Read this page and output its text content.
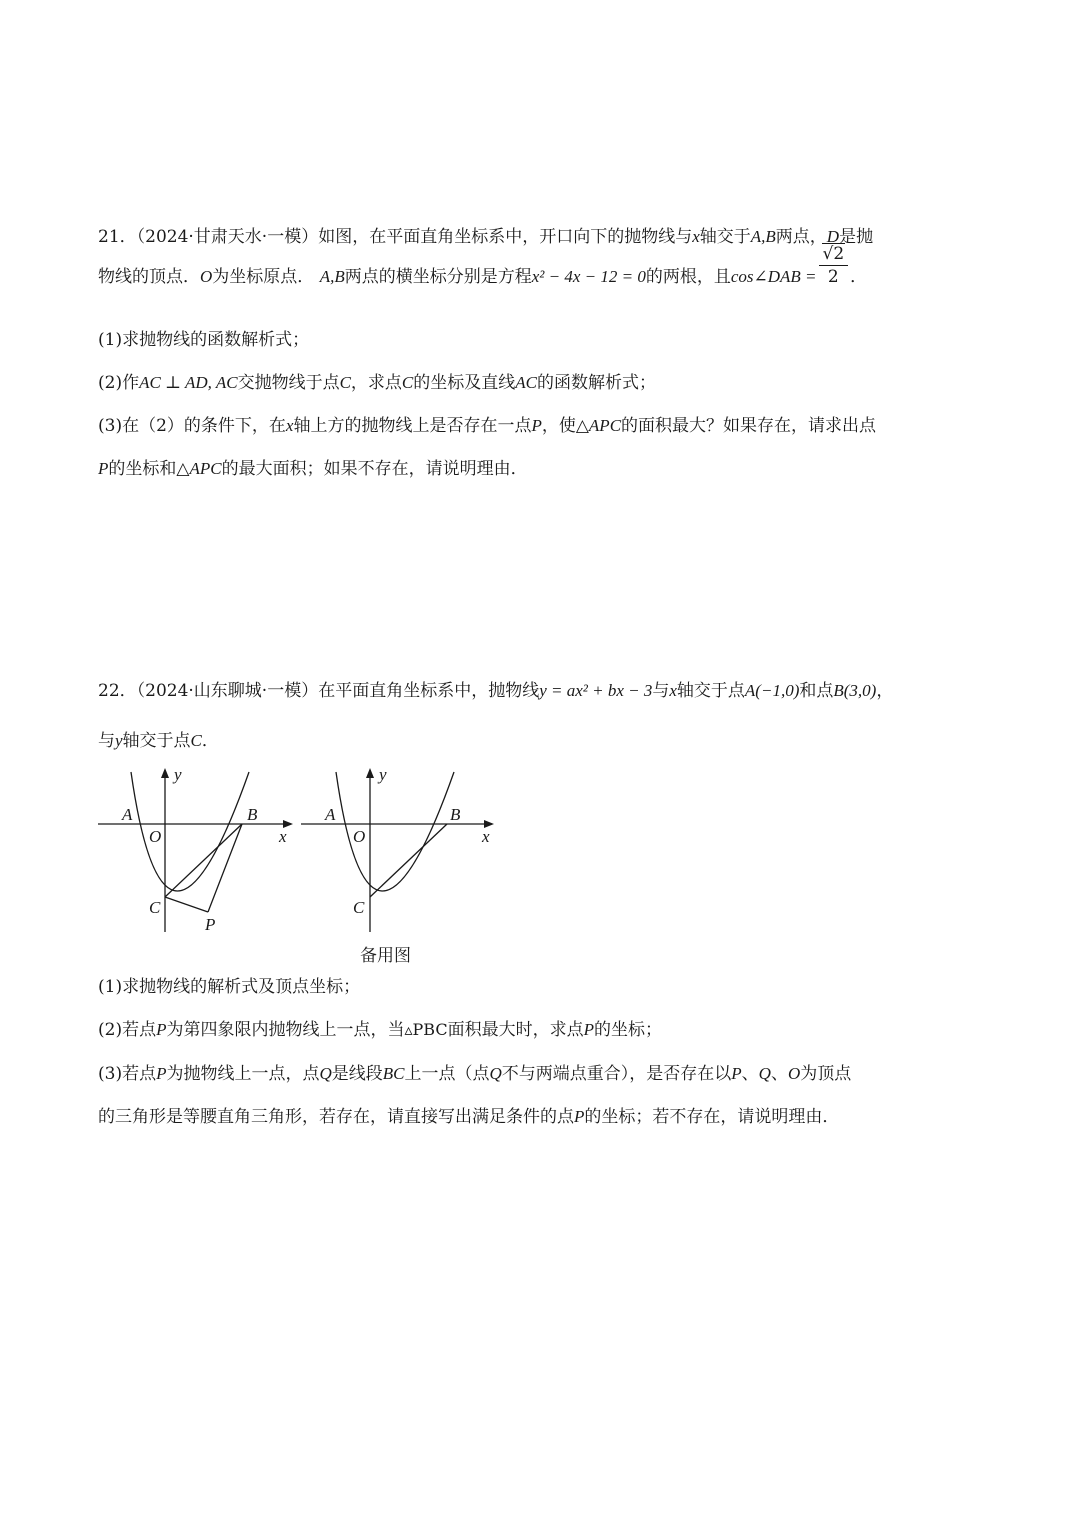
21．（2024·甘肃天水·一模）如图，在平面直角坐标系中，开口向下的抛物线与x轴交于A,B两点，D是抛
物线的顶点．O为坐标原点． A,B两点的横坐标分别是方程x² − 4x − 12 = 0的两根，且cos∠DAB = $\frac{√2}{2}$ ．
(1)求抛物线的函数解析式；
(2)作AC ⊥ AD, AC交抛物线于点C，求点C的坐标及直线AC的函数解析式；
(3)在（2）的条件下，在x轴上方的抛物线上是否存在一点P，使△APC的面积最大？如果存在，请求出点
P的坐标和△APC的最大面积；如果不存在，请说明理由．
22．（2024·山东聊城·一模）在平面直角坐标系中，抛物线y = ax² + bx − 3与x轴交于点A(−1,0)和点B(3,0)，
与y轴交于点C．
y
A
O
B
x
C
P
y
A
O
B
x
C
备用图
(1)求抛物线的解析式及顶点坐标；
(2)若点P为第四象限内抛物线上一点，当▵PBC面积最大时，求点P的坐标；
(3)若点P为抛物线上一点，点Q是线段BC上一点（点Q不与两端点重合），是否存在以P、Q、O为顶点
的三角形是等腰直角三角形，若存在，请直接写出满足条件的点P的坐标；若不存在，请说明理由．
